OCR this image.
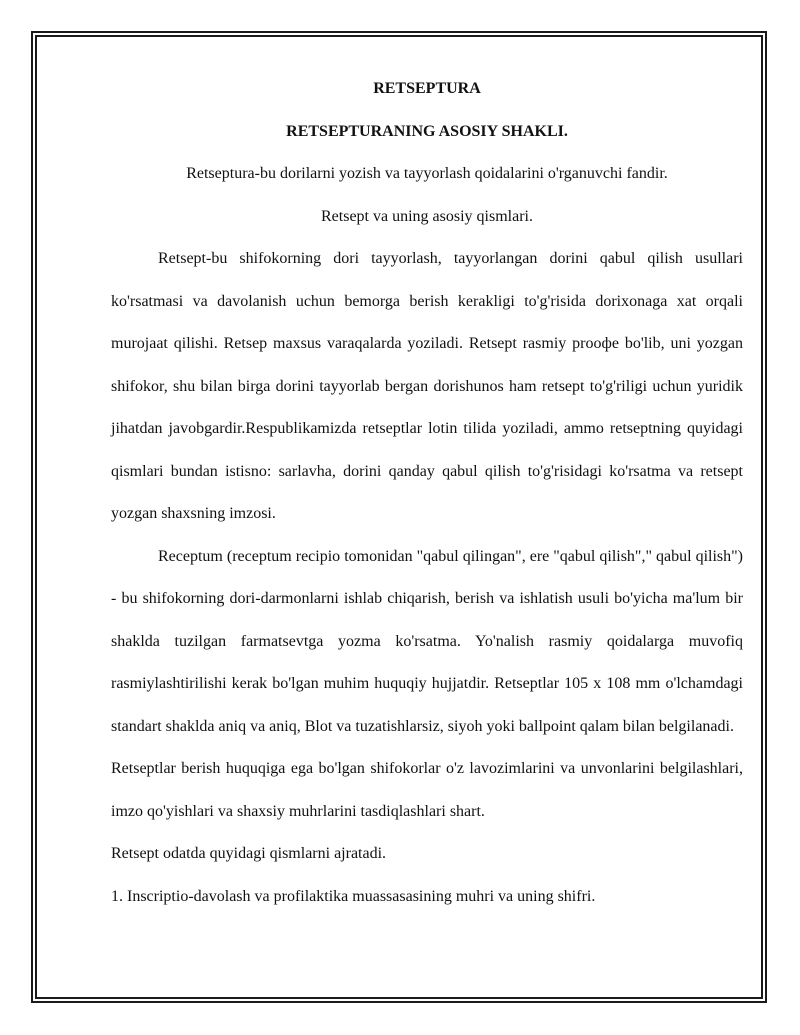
RETSEPTURA

RETSEPTURANING ASOSIY SHAKLI.

Retseptura-bu dorilarni yozish va tayyorlash qoidalarini o'rganuvchi fandir.

Retsept va uning asosiy qismlari.

Retsept-bu shifokorning dori tayyorlash, tayyorlangan dorini qabul qilish usullari ko'rsatmasi va davolanish uchun bemorga berish kerakligi to'g'risida dorixonaga xat orqali murojaat qilishi. Retsep maxsus varaqalarda yoziladi. Retsept rasmiy prooфe bo'lib, uni yozgan shifokor, shu bilan birga dorini tayyorlab bergan dorishunos ham retsept to'g'riligi uchun yuridik jihatdan javobgardir.Respublikamizda retseptlar lotin tilida yoziladi, ammo retseptning quyidagi qismlari bundan istisno: sarlavha, dorini qanday qabul qilish to'g'risidagi ko'rsatma va retsept yozgan shaxsning imzosi.

Receptum (receptum recipio tomonidan "qabul qilingan", ere "qabul qilish"," qabul qilish") - bu shifokorning dori-darmonlarni ishlab chiqarish, berish va ishlatish usuli bo'yicha ma'lum bir shaklda tuzilgan farmatsevtga yozma ko'rsatma. Yo'nalish rasmiy qoidalarga muvofiq rasmiylashtirilishi kerak bo'lgan muhim huquqiy hujjatdir. Retseptlar 105 x 108 mm o'lchamdagi standart shaklda aniq va aniq, Blot va tuzatishlarsiz, siyoh yoki ballpoint qalam bilan belgilanadi.

Retseptlar berish huquqiga ega bo'lgan shifokorlar o'z lavozimlarini va unvonlarini belgilashlari, imzo qo'yishlari va shaxsiy muhrlarini tasdiqlashlari shart.

Retsept odatda quyidagi qismlarni ajratadi.

1. Inscriptio-davolash va profilaktika muassasasining muhri va uning shifri.
